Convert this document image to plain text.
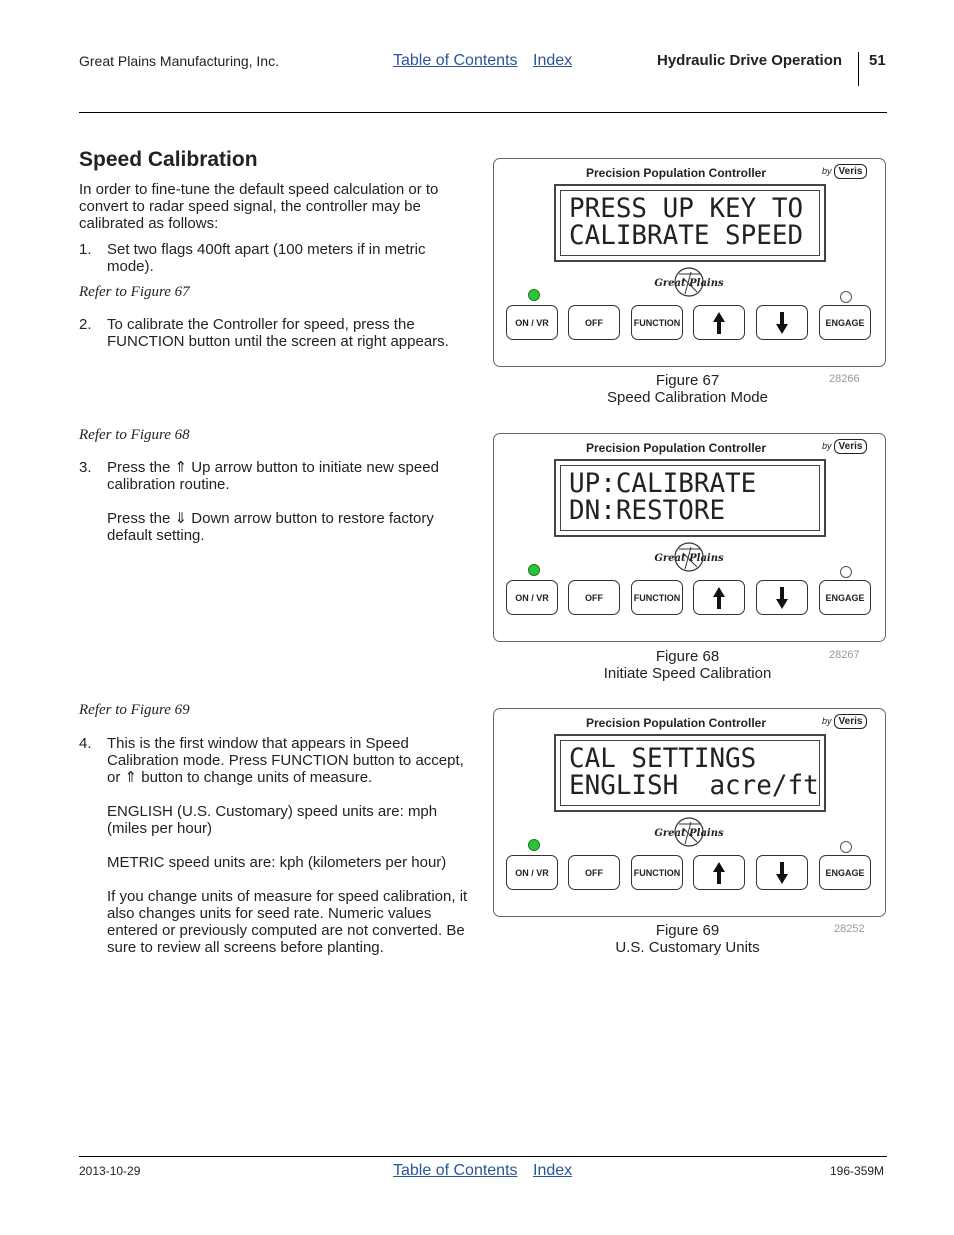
Great Plains Manufacturing, Inc.	Table of Contents Index	Hydraulic Drive Operation 51
Speed Calibration
In order to fine-tune the default speed calculation or to convert to radar speed signal, the controller may be calibrated as follows:
1. Set two flags 400ft apart (100 meters if in metric mode).

Refer to Figure 67
2. To calibrate the Controller for speed, press the FUNCTION button until the screen at right appears.

Refer to Figure 68
3. Press the ⇑ Up arrow button to initiate new speed calibration routine.

Press the ⇓ Down arrow button to restore factory default setting.

Refer to Figure 69
4. This is the first window that appears in Speed Calibration mode. Press FUNCTION button to accept, or ⇑ button to change units of measure.

ENGLISH (U.S. Customary) speed units are: mph (miles per hour)

METRIC speed units are: kph (kilometers per hour)

If you change units of measure for speed calibration, it also changes units for seed rate. Numeric values entered or previously computed are not converted. Be sure to review all screens before planting.

Precision Population Controller	by Veris
PRESS UP KEY TO
CALIBRATE SPEED
Great Plains
ON / VR	OFF	FUNCTION	ENGAGE
Figure 67
Speed Calibration Mode
28266
Precision Population Controller	by Veris
UP:CALIBRATE
DN:RESTORE
Great Plains
ON / VR	OFF	FUNCTION	ENGAGE
Figure 68
Initiate Speed Calibration
28267
Precision Population Controller	by Veris
CAL SETTINGS
ENGLISH  acre/ft
Great Plains
ON / VR	OFF	FUNCTION	ENGAGE
Figure 69
U.S. Customary Units
28252
2013-10-29	Table of Contents Index	196-359M
